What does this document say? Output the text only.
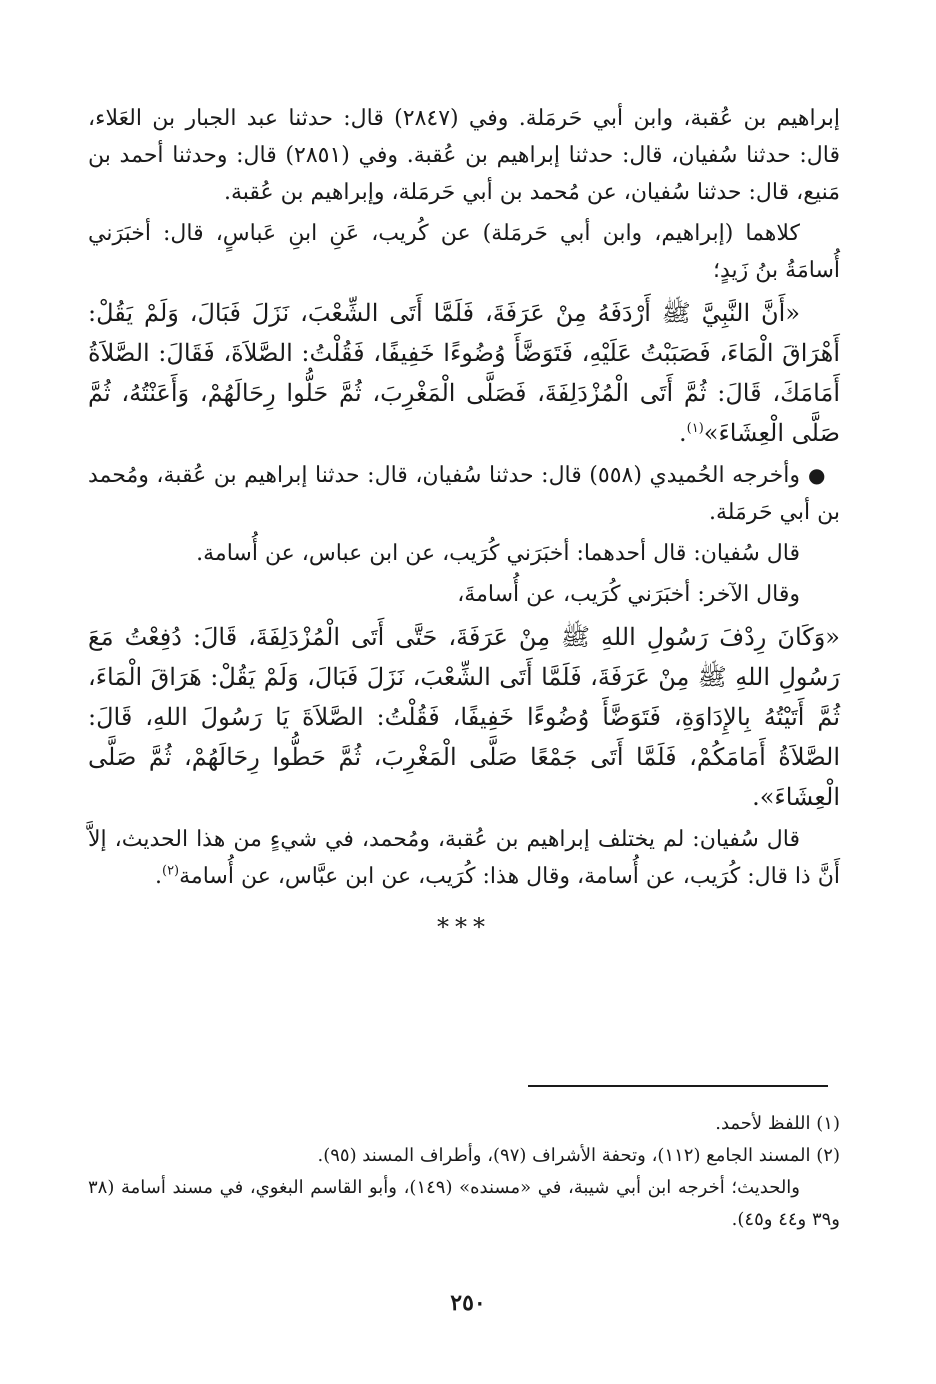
إبراهيم بن عُقبة، وابن أبي حَرمَلة. وفي (٢٨٤٧) قال: حدثنا عبد الجبار بن العَلاء، قال: حدثنا سُفيان، قال: حدثنا إبراهيم بن عُقبة. وفي (٢٨٥١) قال: وحدثنا أحمد بن مَنيع، قال: حدثنا سُفيان، عن مُحمد بن أبي حَرمَلة، وإبراهيم بن عُقبة.

كلاهما (إبراهيم، وابن أبي حَرمَلة) عن كُريب، عَنِ ابنِ عَباسٍ، قال: أخبَرَني أُسامَةُ بنُ زَيدٍ؛

«أَنَّ النَّبِيَّ ﷺ أَرْدَفَهُ مِنْ عَرَفَةَ، فَلَمَّا أَتَى الشِّعْبَ، نَزَلَ فَبَالَ، وَلَمْ يَقُلْ: أَهْرَاقَ الْمَاءَ، فَصَبَبْتُ عَلَيْهِ، فَتَوَضَّأَ وُضُوءًا خَفِيفًا، فَقُلْتُ: الصَّلاَةَ، فَقَالَ: الصَّلاَةُ أَمَامَكَ، قَالَ: ثُمَّ أَتَى الْمُزْدَلِفَةَ، فَصَلَّى الْمَغْرِبَ، ثُمَّ حَلُّوا رِحَالَهُمْ، وَأَعَنْتُهُ، ثُمَّ صَلَّى الْعِشَاءَ»$^{(١)}$.

●وأخرجه الحُميدي (٥٥٨) قال: حدثنا سُفيان، قال: حدثنا إبراهيم بن عُقبة، ومُحمد بن أبي حَرمَلة.

قال سُفيان: قال أحدهما: أخبَرَني كُرَيب، عن ابن عباس، عن أُسامة.

وقال الآخر: أخبَرَني كُرَيب، عن أُسامةَ،

«وَكَانَ رِدْفَ رَسُولِ اللهِ ﷺ مِنْ عَرَفَةَ، حَتَّى أَتَى الْمُزْدَلِفَةَ، قَالَ: دُفِعْتُ مَعَ رَسُولِ اللهِ ﷺ مِنْ عَرَفَةَ، فَلَمَّا أَتَى الشِّعْبَ، نَزَلَ فَبَالَ، وَلَمْ يَقُلْ: هَرَاقَ الْمَاءَ، ثُمَّ أَتَيْتُهُ بِالإِدَاوَةِ، فَتَوَضَّأَ وُضُوءًا خَفِيفًا، فَقُلْتُ: الصَّلاَةَ يَا رَسُولَ اللهِ، قَالَ: الصَّلاَةُ أَمَامَكُمْ، فَلَمَّا أَتَى جَمْعًا صَلَّى الْمَغْرِبَ، ثُمَّ حَطُّوا رِحَالَهُمْ، ثُمَّ صَلَّى الْعِشَاءَ».

قال سُفيان: لم يختلف إبراهيم بن عُقبة، ومُحمد، في شيءٍ من هذا الحديث، إلاَّ أَنَّ ذا قال: كُرَيب، عن أُسامة، وقال هذا: كُرَيب، عن ابن عبَّاس، عن أُسامة$^{(٢)}$.

***

(١) اللفظ لأحمد.

(٢) المسند الجامع (١١٢)، وتحفة الأشراف (٩٧)، وأطراف المسند (٩٥).

والحديث؛ أخرجه ابن أبي شيبة، في «مسنده» (١٤٩)، وأبو القاسم البغوي، في مسند أسامة (٣٨ و٣٩ و٤٤ و٤٥).

٢٥٠
